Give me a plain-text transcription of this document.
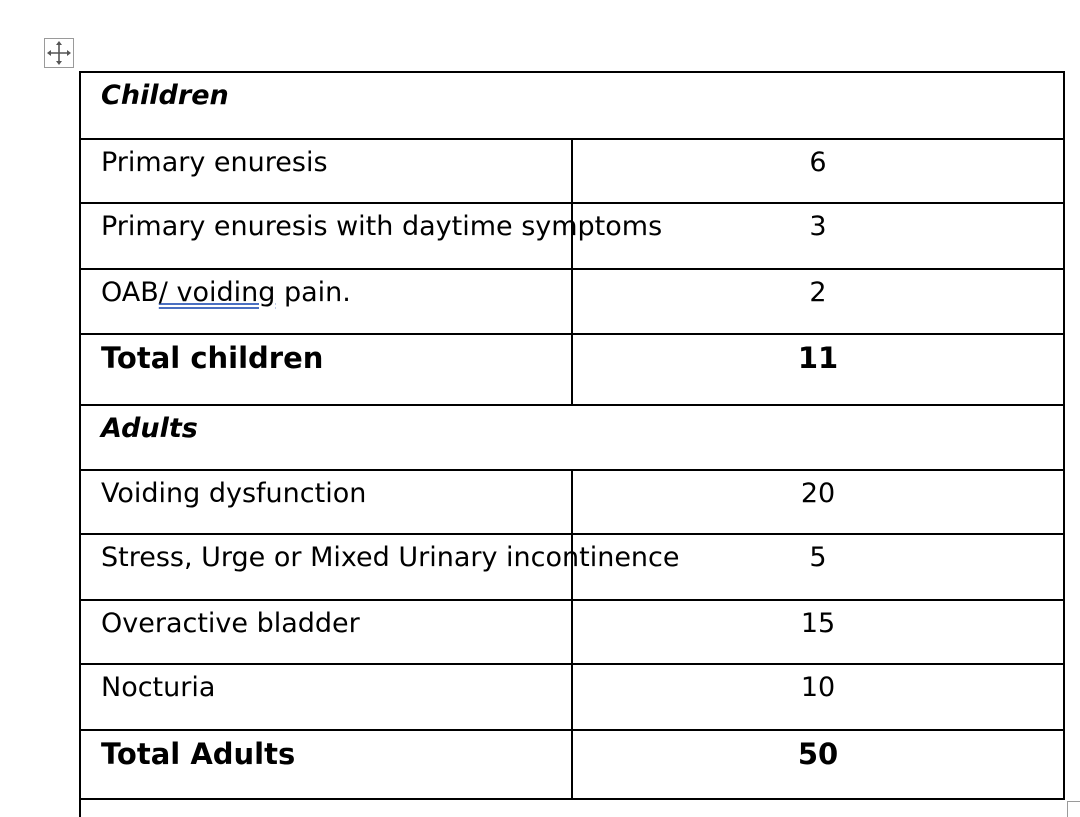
Children	
Primary enuresis	6
Primary enuresis with daytime symptoms	3
OAB/ voiding pain.	2
Total children	11
Adults	
Voiding dysfunction	20
Stress, Urge or Mixed Urinary incontinence	5
Overactive bladder	15
Nocturia	10
Total Adults	50
